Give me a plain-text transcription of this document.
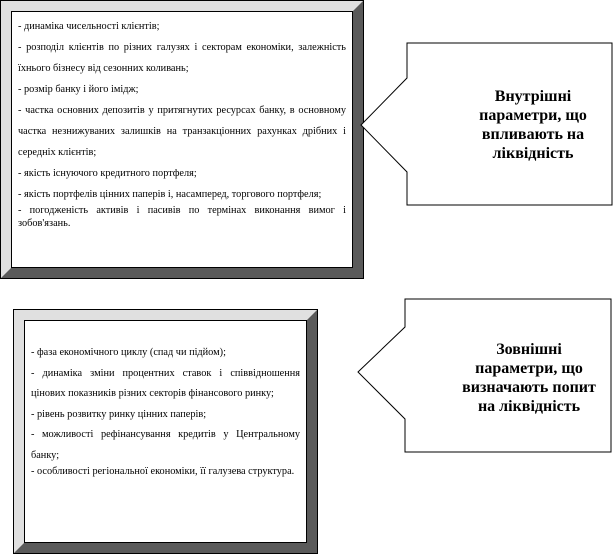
- динаміка чисельності клієнтів;
- розподіл клієнтів по різних галузях і секторам економіки, залежність їхнього бізнесу від сезонних коливань;
- розмір банку і його імідж;
- частка основних депозитів у притягнутих ресурсах банку, в основному частка незнижуваних залишків на транзакціонних рахунках дрібних і середніх клієнтів;
- якість існуючого кредитного портфеля;
- якість портфелів цінних паперів і, насамперед, торгового портфеля;
- погодженість активів і пасивів по термінах виконання вимог і зобов'язань.
- фаза економічного циклу (спад чи підйом);
- динаміка зміни процентних ставок і співвідношення цінових показників різних секторів фінансового ринку;
- рівень розвитку ринку цінних паперів;
- можливості рефінансування кредитів у Центральному банку;
- особливості регіональної економіки, її галузева структура.
Внутрішні параметри, що впливають на ліквідність
Зовнішні параметри, що визначають попит на ліквідність
